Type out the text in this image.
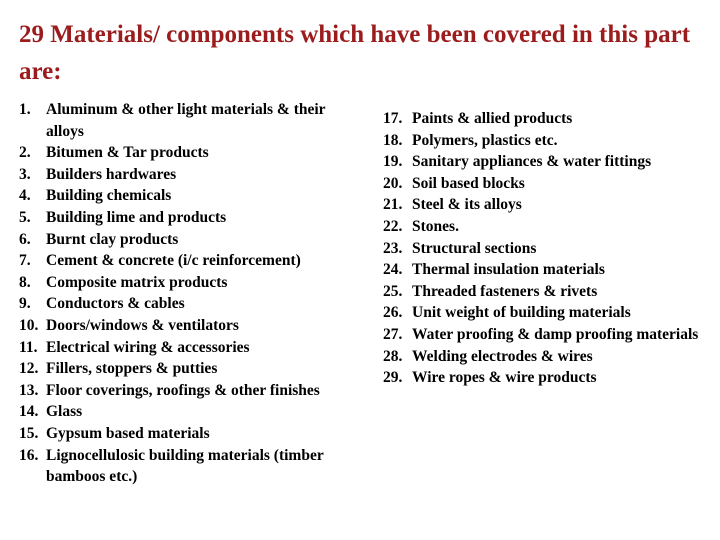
29 Materials/ components which have been covered in this part are:
1. Aluminum & other light materials & their alloys
2. Bitumen & Tar products
3. Builders hardwares
4. Building chemicals
5. Building lime and products
6. Burnt clay products
7. Cement & concrete (i/c reinforcement)
8. Composite matrix products
9. Conductors & cables
10. Doors/windows & ventilators
11. Electrical wiring & accessories
12. Fillers, stoppers & putties
13. Floor coverings, roofings & other finishes
14. Glass
15. Gypsum based materials
16. Lignocellulosic building materials (timber bamboos etc.)
17. Paints & allied products
18. Polymers, plastics etc.
19. Sanitary appliances & water fittings
20. Soil based blocks
21. Steel & its alloys
22. Stones.
23. Structural sections
24. Thermal insulation materials
25. Threaded fasteners & rivets
26. Unit weight of building materials
27. Water proofing & damp proofing materials
28. Welding electrodes & wires
29. Wire ropes & wire products
